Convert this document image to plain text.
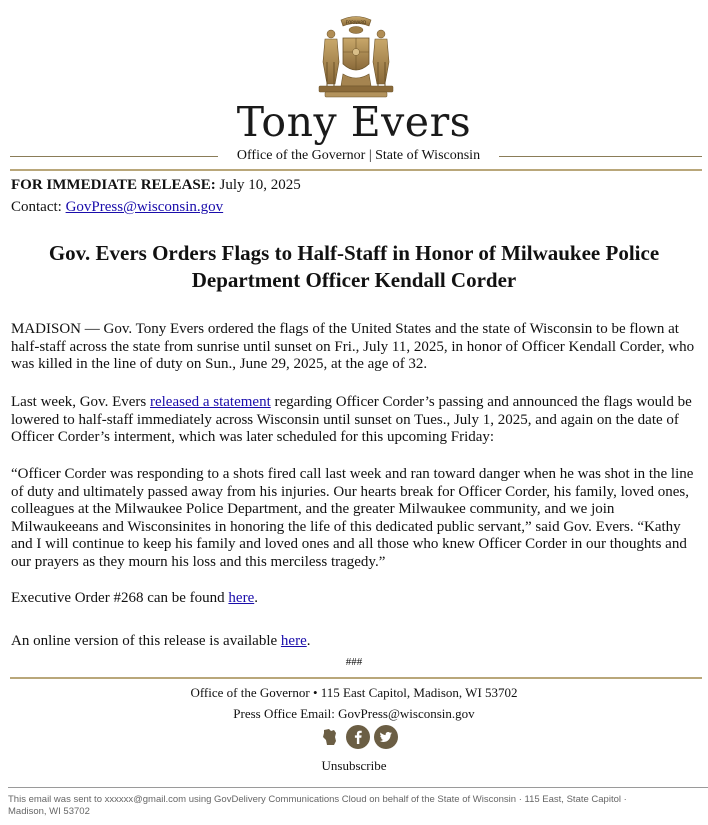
FORWARD
Tony Evers
Office of the Governor | State of Wisconsin
FOR IMMEDIATE RELEASE: July 10, 2025
Contact: GovPress@wisconsin.gov
Gov. Evers Orders Flags to Half-Staff in Honor of Milwaukee Police Department Officer Kendall Corder

MADISON — Gov. Tony Evers ordered the flags of the United States and the state of Wisconsin to be flown at half-staff across the state from sunrise until sunset on Fri., July 11, 2025, in honor of Officer Kendall Corder, who was killed in the line of duty on Sun., June 29, 2025, at the age of 32.

Last week, Gov. Evers released a statement regarding Officer Corder’s passing and announced the flags would be lowered to half-staff immediately across Wisconsin until sunset on Tues., July 1, 2025, and again on the date of Officer Corder’s interment, which was later scheduled for this upcoming Friday:

“Officer Corder was responding to a shots fired call last week and ran toward danger when he was shot in the line of duty and ultimately passed away from his injuries. Our hearts break for Officer Corder, his family, loved ones, colleagues at the Milwaukee Police Department, and the greater Milwaukee community, and we join Milwaukeeans and Wisconsinites in honoring the life of this dedicated public servant,” said Gov. Evers. “Kathy and I will continue to keep his family and loved ones and all those who knew Officer Corder in our thoughts and our prayers as they mourn his loss and this merciless tragedy.”

Executive Order #268 can be found here.

An online version of this release is available here.

###
Office of the Governor • 115 East Capitol, Madison, WI 53702
Press Office Email: GovPress@wisconsin.gov
Unsubscribe
This email was sent to xxxxxx@gmail.com using GovDelivery Communications Cloud on behalf of the State of Wisconsin · 115 East, State Capitol · Madison, WI 53702
